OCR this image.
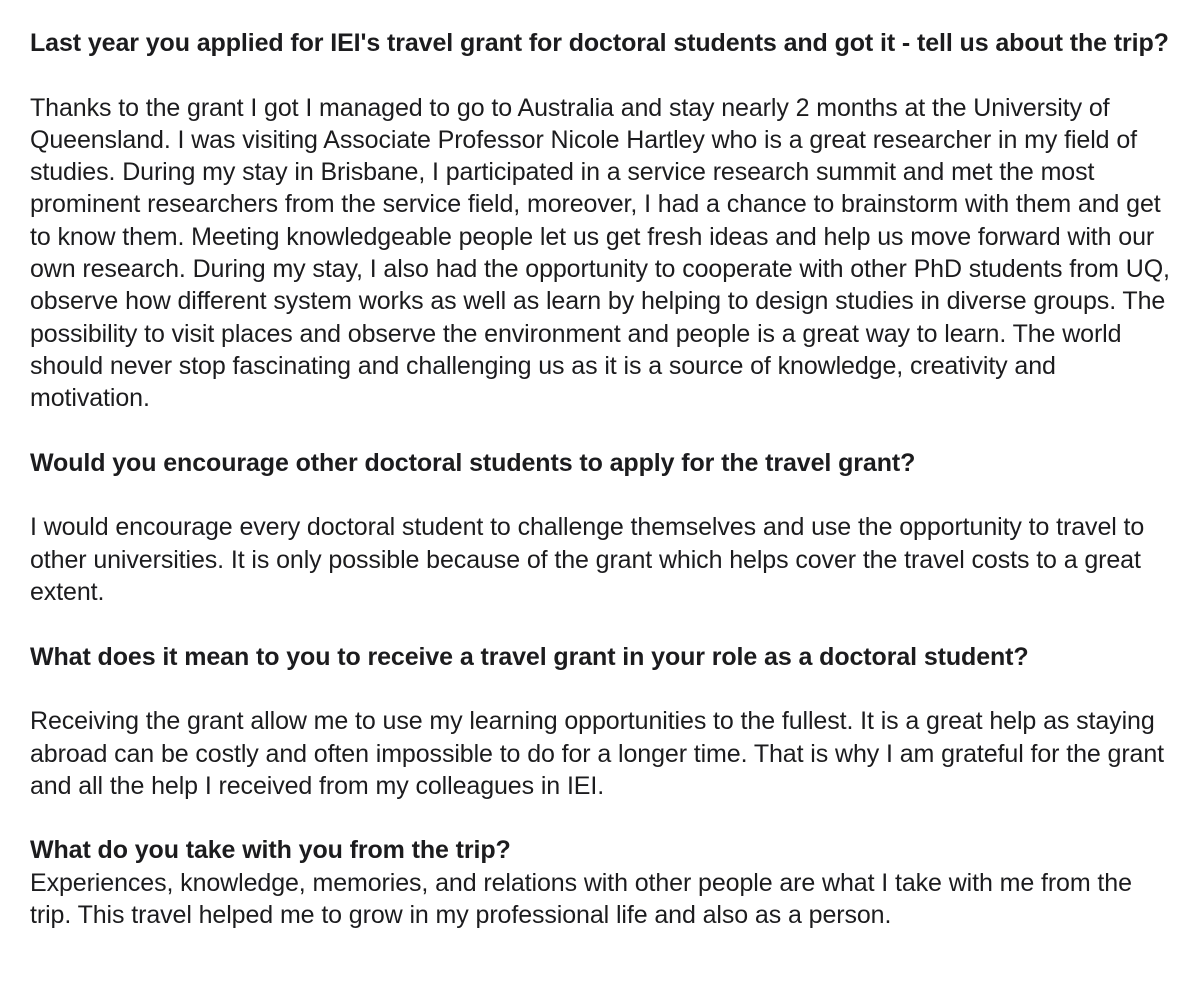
Last year you applied for IEI's travel grant for doctoral students and got it - tell us about the trip?

Thanks to the grant I got I managed to go to Australia and stay nearly 2 months at the University of Queensland. I was visiting Associate Professor Nicole Hartley who is a great researcher in my field of studies. During my stay in Brisbane, I participated in a service research summit and met the most prominent researchers from the service field, moreover, I had a chance to brainstorm with them and get to know them. Meeting knowledgeable people let us get fresh ideas and help us move forward with our own research. During my stay, I also had the opportunity to cooperate with other PhD students from UQ, observe how different system works as well as learn by helping to design studies in diverse groups. The possibility to visit places and observe the environment and people is a great way to learn. The world should never stop fascinating and challenging us as it is a source of knowledge, creativity and motivation.

Would you encourage other doctoral students to apply for the travel grant?

I would encourage every doctoral student to challenge themselves and use the opportunity to travel to other universities. It is only possible because of the grant which helps cover the travel costs to a great extent.

What does it mean to you to receive a travel grant in your role as a doctoral student?

Receiving the grant allow me to use my learning opportunities to the fullest. It is a great help as staying abroad can be costly and often impossible to do for a longer time. That is why I am grateful for the grant and all the help I received from my colleagues in IEI.

What do you take with you from the trip?

Experiences, knowledge, memories, and relations with other people are what I take with me from the trip. This travel helped me to grow in my professional life and also as a person.
